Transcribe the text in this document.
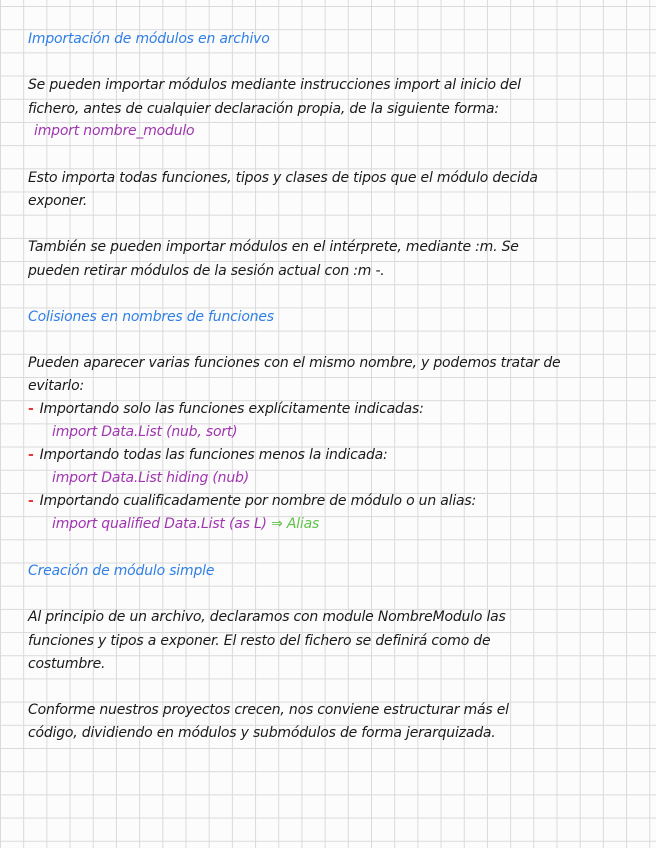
Importación de módulos en archivo
Se pueden importar módulos mediante instrucciones import al inicio del
fichero, antes de cualquier declaración propia, de la siguiente forma:
import nombre_modulo
Esto importa todas funciones, tipos y clases de tipos que el módulo decida
exponer.
También se pueden importar módulos en el intérprete, mediante :m. Se
pueden retirar módulos de la sesión actual con :m -.
Colisiones en nombres de funciones
Pueden aparecer varias funciones con el mismo nombre, y podemos tratar de
evitarlo:
- Importando solo las funciones explícitamente indicadas:
import Data.List (nub, sort)
- Importando todas las funciones menos la indicada:
import Data.List hiding (nub)
- Importando cualificadamente por nombre de módulo o un alias:
import qualified Data.List (as L) ⇒ Alias
Creación de módulo simple
Al principio de un archivo, declaramos con module NombreModulo las
funciones y tipos a exponer. El resto del fichero se definirá como de
costumbre.
Conforme nuestros proyectos crecen, nos conviene estructurar más el
código, dividiendo en módulos y submódulos de forma jerarquizada.
